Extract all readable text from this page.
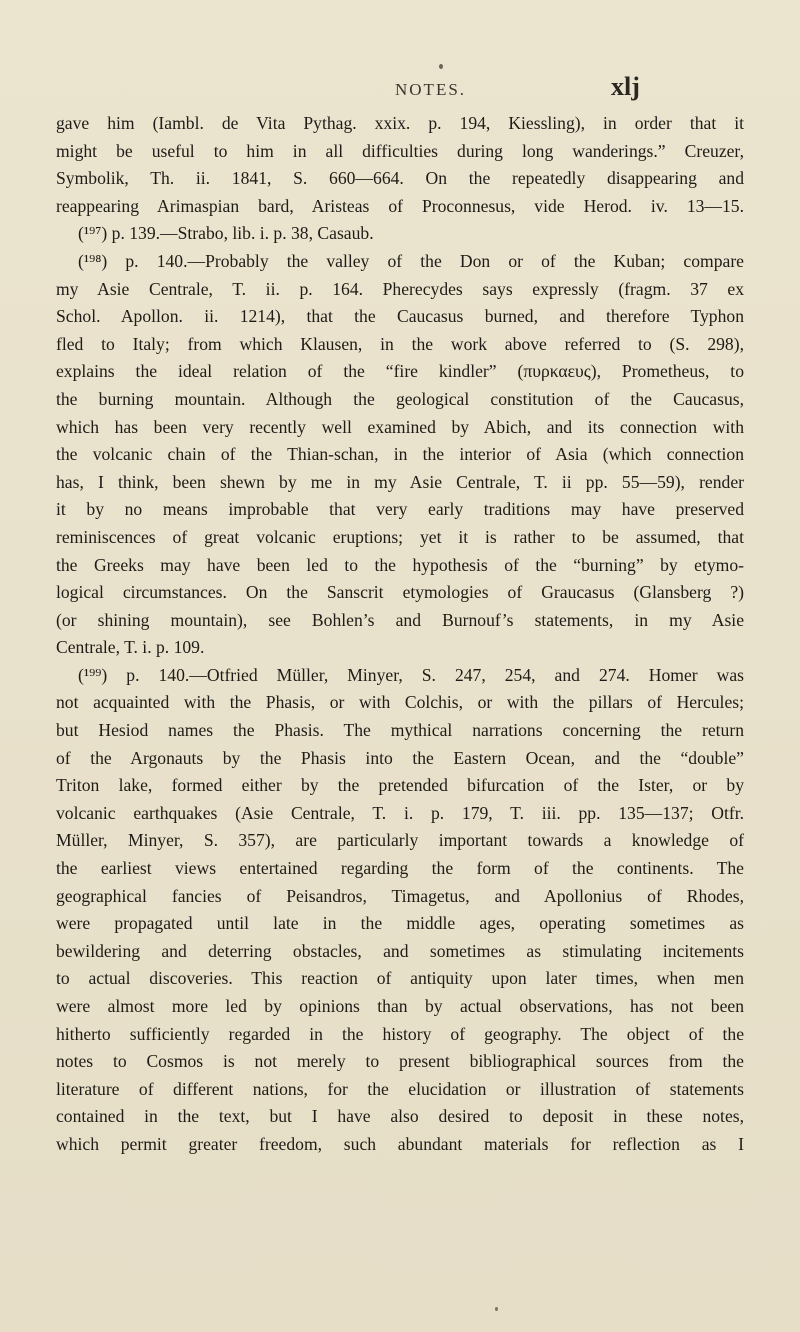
NOTES.	xlj
gave him (Iambl. de Vita Pythag. xxix. p. 194, Kiessling), in order that it
might be useful to him in all difficulties during long wanderings.” Creuzer,
Symbolik, Th. ii. 1841, S. 660—664. On the repeatedly disappearing and
reappearing Arimaspian bard, Aristeas of Proconnesus, vide Herod. iv. 13—15.
(¹⁹⁷) p. 139.—Strabo, lib. i. p. 38, Casaub.
(¹⁹⁸) p. 140.—Probably the valley of the Don or of the Kuban; compare
my Asie Centrale, T. ii. p. 164. Pherecydes says expressly (fragm. 37 ex
Schol. Apollon. ii. 1214), that the Caucasus burned, and therefore Typhon
fled to Italy; from which Klausen, in the work above referred to (S. 298),
explains the ideal relation of the “fire kindler” (πυρκαευς), Prometheus, to
the burning mountain. Although the geological constitution of the Caucasus,
which has been very recently well examined by Abich, and its connection with
the volcanic chain of the Thian-schan, in the interior of Asia (which connection
has, I think, been shewn by me in my Asie Centrale, T. ii pp. 55—59), render
it by no means improbable that very early traditions may have preserved
reminiscences of great volcanic eruptions; yet it is rather to be assumed, that
the Greeks may have been led to the hypothesis of the “burning” by etymo-
logical circumstances. On the Sanscrit etymologies of Graucasus (Glansberg ?)
(or shining mountain), see Bohlen’s and Burnouf’s statements, in my Asie
Centrale, T. i. p. 109.
(¹⁹⁹) p. 140.—Otfried Müller, Minyer, S. 247, 254, and 274. Homer was
not acquainted with the Phasis, or with Colchis, or with the pillars of Hercules;
but Hesiod names the Phasis. The mythical narrations concerning the return
of the Argonauts by the Phasis into the Eastern Ocean, and the “double”
Triton lake, formed either by the pretended bifurcation of the Ister, or by
volcanic earthquakes (Asie Centrale, T. i. p. 179, T. iii. pp. 135—137; Otfr.
Müller, Minyer, S. 357), are particularly important towards a knowledge of
the earliest views entertained regarding the form of the continents. The
geographical fancies of Peisandros, Timagetus, and Apollonius of Rhodes,
were propagated until late in the middle ages, operating sometimes as
bewildering and deterring obstacles, and sometimes as stimulating incitements
to actual discoveries. This reaction of antiquity upon later times, when men
were almost more led by opinions than by actual observations, has not been
hitherto sufficiently regarded in the history of geography. The object of the
notes to Cosmos is not merely to present bibliographical sources from the
literature of different nations, for the elucidation or illustration of statements
contained in the text, but I have also desired to deposit in these notes,
which permit greater freedom, such abundant materials for reflection as I
